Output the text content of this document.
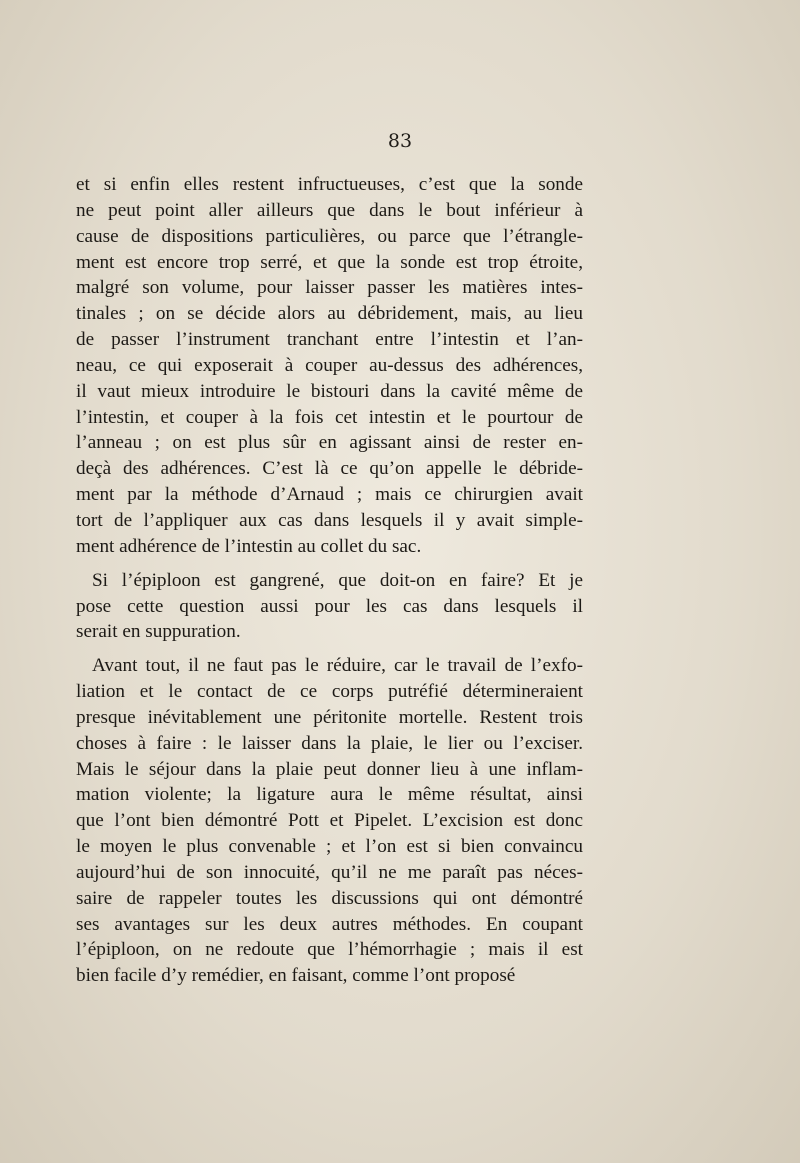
83
et si enfin elles restent infructueuses, c’est que la sonde
ne peut point aller ailleurs que dans le bout inférieur à
cause de dispositions particulières, ou parce que l’étrangle-
ment est encore trop serré, et que la sonde est trop étroite,
malgré son volume, pour laisser passer les matières intes-
tinales ; on se décide alors au débridement, mais, au lieu
de passer l’instrument tranchant entre l’intestin et l’an-
neau, ce qui exposerait à couper au-dessus des adhérences,
il vaut mieux introduire le bistouri dans la cavité même de
l’intestin, et couper à la fois cet intestin et le pourtour de
l’anneau ; on est plus sûr en agissant ainsi de rester en-
deçà des adhérences. C’est là ce qu’on appelle le débride-
ment par la méthode d’Arnaud ; mais ce chirurgien avait
tort de l’appliquer aux cas dans lesquels il y avait simple-
ment adhérence de l’intestin au collet du sac.
Si l’épiploon est gangrené, que doit-on en faire? Et je
pose cette question aussi pour les cas dans lesquels il
serait en suppuration.
Avant tout, il ne faut pas le réduire, car le travail de l’exfo-
liation et le contact de ce corps putréfié détermineraient
presque inévitablement une péritonite mortelle. Restent trois
choses à faire : le laisser dans la plaie, le lier ou l’exciser.
Mais le séjour dans la plaie peut donner lieu à une inflam-
mation violente; la ligature aura le même résultat, ainsi
que l’ont bien démontré Pott et Pipelet. L’excision est donc
le moyen le plus convenable ; et l’on est si bien convaincu
aujourd’hui de son innocuité, qu’il ne me paraît pas néces-
saire de rappeler toutes les discussions qui ont démontré
ses avantages sur les deux autres méthodes. En coupant
l’épiploon, on ne redoute que l’hémorrhagie ; mais il est
bien facile d’y remédier, en faisant, comme l’ont proposé
